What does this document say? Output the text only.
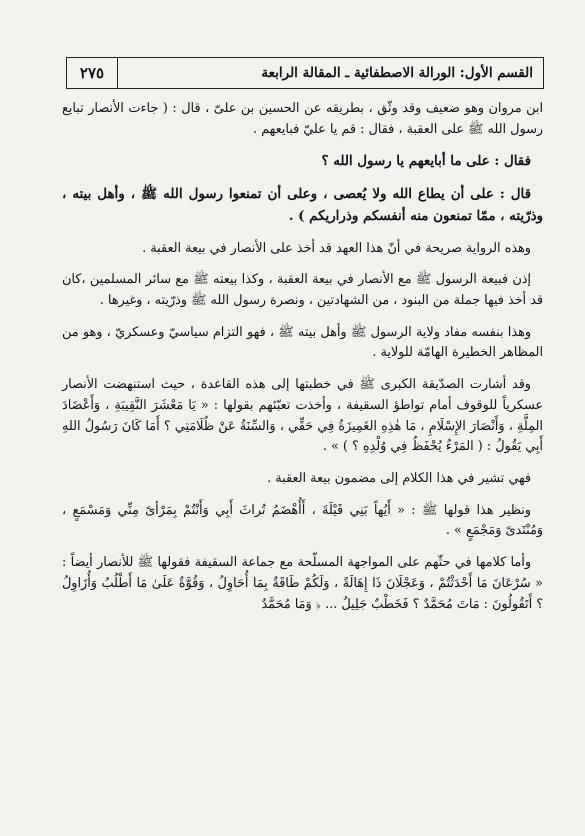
القسم الأول: الورالة الاصطفائية ـ المقالة الرابعة
٢٧٥

ابن مروان وهو ضعيف وقد وثّق ، بطريقه عن الحسين بن علىّ ، قال : ( جاءت الأنصار تبايع رسول الله ﷺ على العقبة ، فقال : قم يا عليّ فبايعهم .

فقال : على ما أبايعهم يا رسول الله ؟

قال : على أن يطاع الله ولا يُعصى ، وعلى أن تمنعوا رسول الله ﷺ ، وأهل بيته ، وذرّيته ، ممّا تمنعون منه أنفسكم وذراريكم ) .

وهذه الرواية صريحة في أنّ هذا العهد قد أخذ على الأنصار في بيعة العقبة .

إذن فبيعة الرسول ﷺ مع الأنصار في بيعة العقبة ، وكذا بيعته ﷺ مع سائر المسلمين ،كان قد أخذ فيها جملة من البنود ، من الشهادتين ، ونصرة رسول الله ﷺ وذرّيته ، وغيرها .

وهذا بنفسه مفاد ولاية الرسول ﷺ وأهل بيته ﷺ ، فهو التزام سياسيّ وعسكريّ ، وهو من المظاهر الخطيرة الهامّة للولاية .

وقد أشارت الصدّيقة الكبرى ﷺ في خطبتها إلى هذه القاعدة ، حيث استنهضت الأنصار عسكرياً للوقوف أمام تواطؤ السقيفة ، وأخذت تعبّئهم بقولها : « يَا مَعْشَرَ النَّقِيبَةِ ، وَأَعْضَادَ المِلَّةِ ، وَأَنْصَارَ الإِسْلَامِ ، مَا هٰذِهِ الغَمِيزَةُ فِي حَقِّي ، وَالسِّنَةُ عَنْ ظُلَامَتِي ؟ أَمَا كَانَ رَسُولُ اللهِ أَبِي يَقُولُ : ( المَرْءُ يُحْفَظُ فِي وُلْدِهِ ؟ ) » .

فهي تشير في هذا الكلام إلى مضمون بيعة العقبة .

ونظير هذا قولها ﷺ : « أَيُهاً بَنِي قَيْلَةَ ، أَأُهْضَمُ تُراثَ أَبِي وَأَنْتُمْ بِمَرْأىً مِنِّي وَمَسْمَعٍ ، وَمُنْتَدىً وَمَجْمَعٍ » .

وأما كلامها في حثّهم على المواجهة المسلّحة مع جماعة السقيفة فقولها ﷺ للأنصار أيضاً : « سُرْعَانَ مَا أَحْدَثْتُمْ ، وَعَجْلَانَ ذَا إِهَالَةً ، وَلَكُمْ طَاقَةٌ بِمَا أُحَاوِلُ ، وَقُوَّةٌ عَلَىٰ مَا أَطْلُبُ وَأُزَاوِلُ ؟ أَتَقُولُونَ : مَاتَ مُحَمَّدٌ ؟ فَخَطْبٌ جَلِيلٌ ... ﴿ وَمَا مُحَمَّدٌ
